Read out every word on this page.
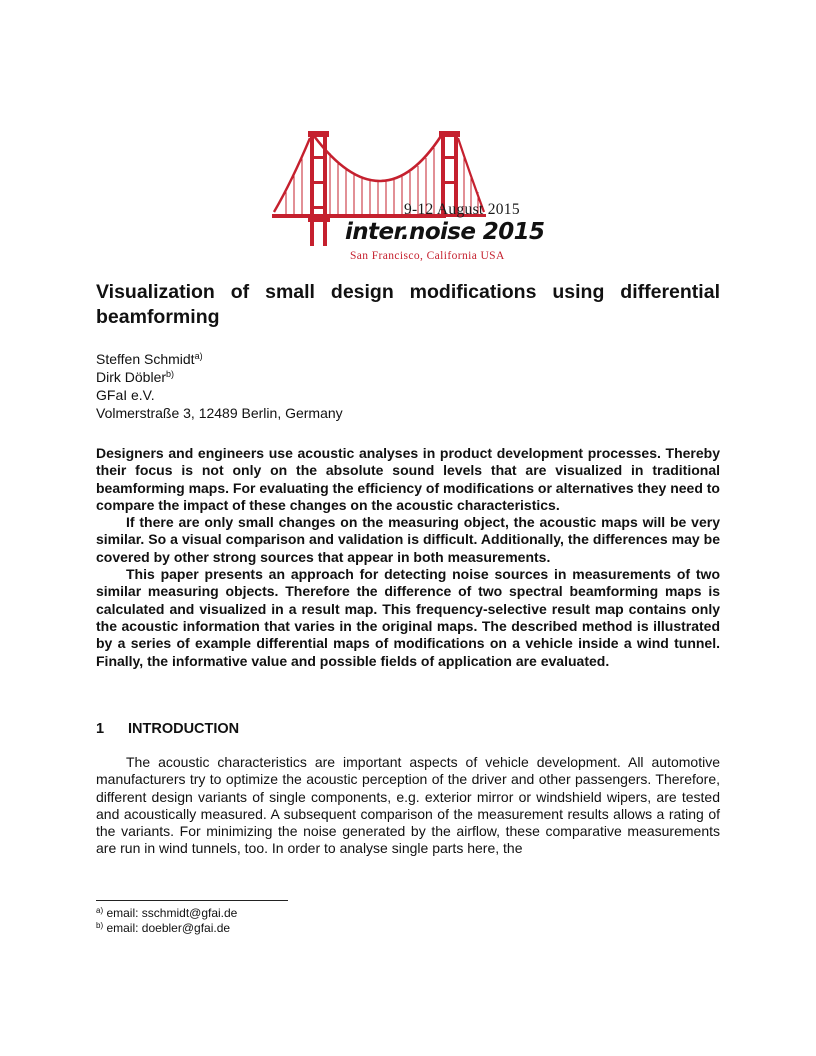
9-12 August 2015
inter.noise 2015
San Francisco, California USA
Visualization of small design modifications using differential beamforming
Steffen Schmidt$^{a)}$
Dirk Döbler$^{b)}$
GFaI e.V.
Volmerstraße 3, 12489 Berlin, Germany

Designers and engineers use acoustic analyses in product development processes. Thereby their focus is not only on the absolute sound levels that are visualized in traditional beamforming maps. For evaluating the efficiency of modifications or alternatives they need to compare the impact of these changes on the acoustic characteristics.

If there are only small changes on the measuring object, the acoustic maps will be very similar. So a visual comparison and validation is difficult. Additionally, the differences may be covered by other strong sources that appear in both measurements.

This paper presents an approach for detecting noise sources in measurements of two similar measuring objects. Therefore the difference of two spectral beamforming maps is calculated and visualized in a result map. This frequency-selective result map contains only the acoustic information that varies in the original maps. The described method is illustrated by a series of example differential maps of modifications on a vehicle inside a wind tunnel. Finally, the informative value and possible fields of application are evaluated.

1 INTRODUCTION

The acoustic characteristics are important aspects of vehicle development. All automotive manufacturers try to optimize the acoustic perception of the driver and other passengers. Therefore, different design variants of single components, e.g. exterior mirror or windshield wipers, are tested and acoustically measured. A subsequent comparison of the measurement results allows a rating of the variants. For minimizing the noise generated by the airflow, these comparative measurements are run in wind tunnels, too. In order to analyse single parts here, the

$^{a)}$ email: sschmidt@gfai.de
$^{b)}$ email: doebler@gfai.de
